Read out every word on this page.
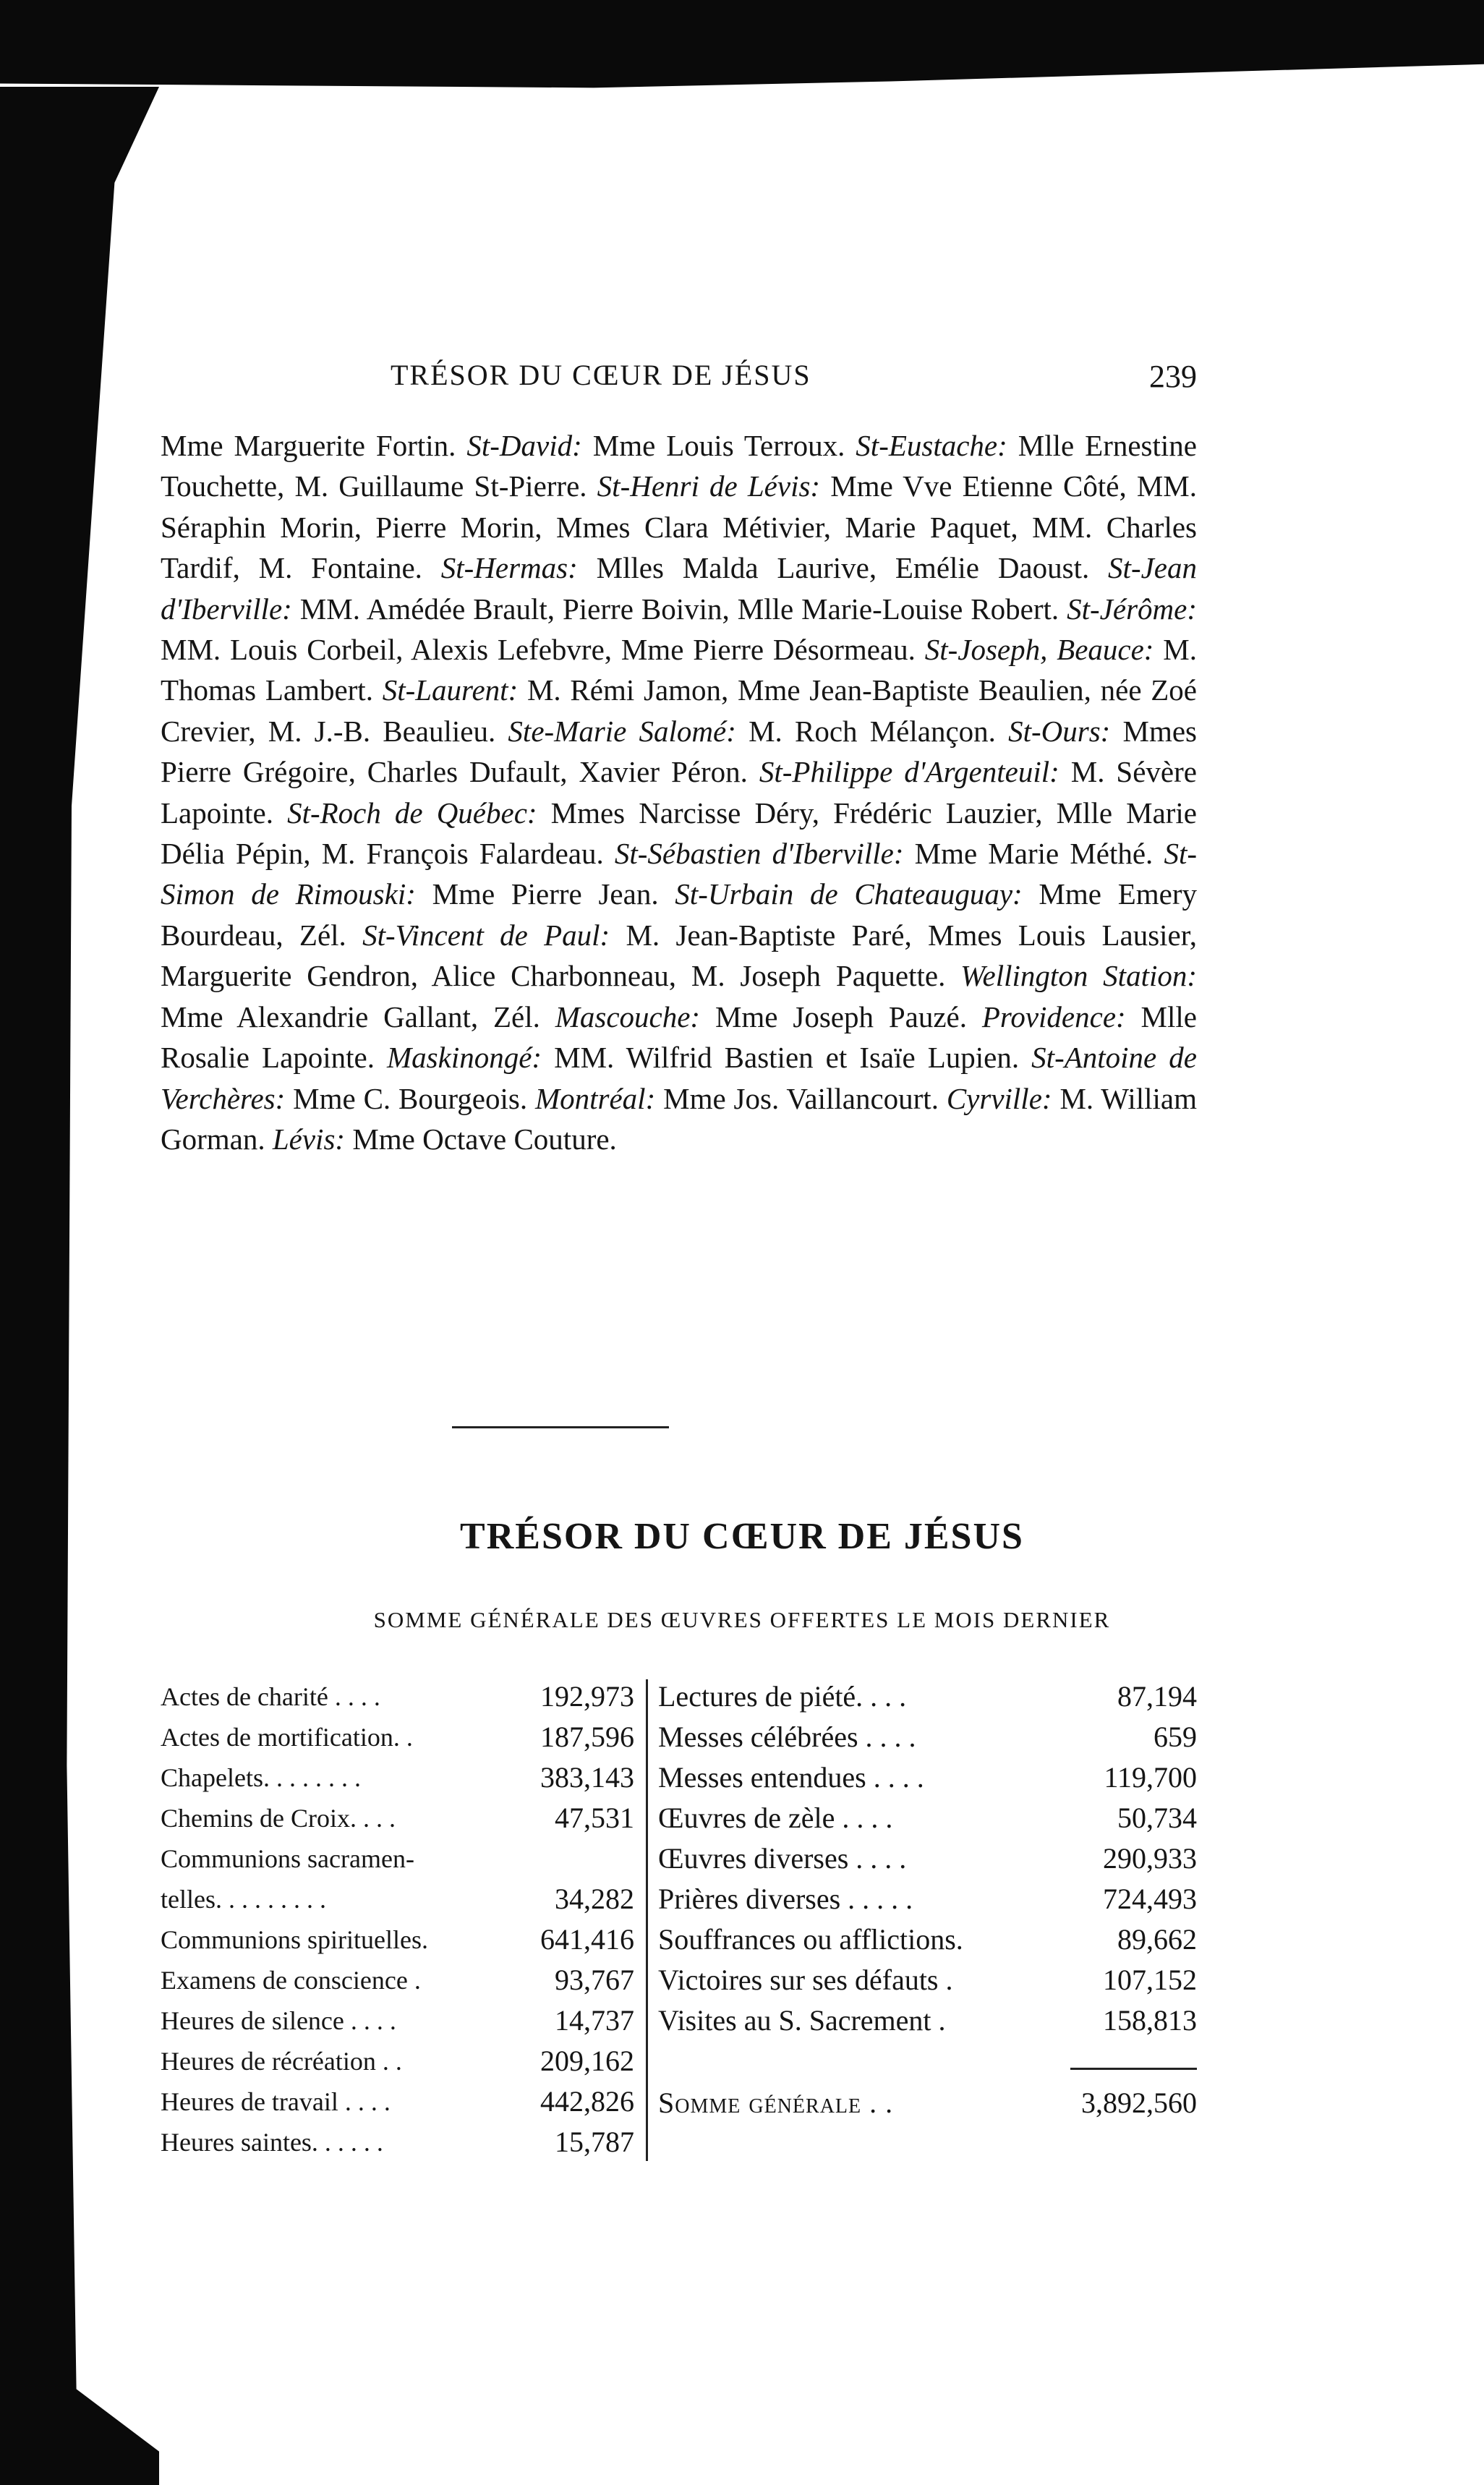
TRÉSOR DU CŒUR DE JÉSUS	239
Mme Marguerite Fortin. St-David: Mme Louis Terroux. St-Eustache: Mlle Ernestine Touchette, M. Guillaume St-Pierre. St-Henri de Lévis: Mme Vve Etienne Côté, MM. Séraphin Morin, Pierre Morin, Mmes Clara Métivier, Marie Paquet, MM. Charles Tardif, M. Fontaine. St-Hermas: Mlles Malda Laurive, Emélie Daoust. St-Jean d'Iberville: MM. Amédée Brault, Pierre Boivin, Mlle Marie-Louise Robert. St-Jérôme: MM. Louis Corbeil, Alexis Lefebvre, Mme Pierre Désormeau. St-Joseph, Beauce: M. Thomas Lambert. St-Laurent: M. Rémi Jamon, Mme Jean-Baptiste Beaulien, née Zoé Crevier, M. J.-B. Beaulieu. Ste-Marie Salomé: M. Roch Mélançon. St-Ours: Mmes Pierre Grégoire, Charles Dufault, Xavier Péron. St-Philippe d'Argenteuil: M. Sévère Lapointe. St-Roch de Québec: Mmes Narcisse Déry, Frédéric Lauzier, Mlle Marie Délia Pépin, M. François Falardeau. St-Sébastien d'Iberville: Mme Marie Méthé. St-Simon de Rimouski: Mme Pierre Jean. St-Urbain de Chateauguay: Mme Emery Bourdeau, Zél. St-Vincent de Paul: M. Jean-Baptiste Paré, Mmes Louis Lausier, Marguerite Gendron, Alice Charbonneau, M. Joseph Paquette. Wellington Station: Mme Alexandrie Gallant, Zél. Mascouche: Mme Joseph Pauzé. Providence: Mlle Rosalie Lapointe. Maskinongé: MM. Wilfrid Bastien et Isaïe Lupien. St-Antoine de Verchères: Mme C. Bourgeois. Montréal: Mme Jos. Vaillancourt. Cyrville: M. William Gorman. Lévis: Mme Octave Couture.
TRÉSOR DU CŒUR DE JÉSUS
SOMME GÉNÉRALE DES ŒUVRES OFFERTES LE MOIS DERNIER
Actes de charité . . . .	192,973
Actes de mortification. .	187,596
Chapelets. . . . . . . .	383,143
Chemins de Croix. . . .	47,531
Communions sacramen-
telles. . . . . . . . .	34,282
Communions spirituelles.	641,416
Examens de conscience .	93,767
Heures de silence . . . .	14,737
Heures de récréation . .	209,162
Heures de travail . . . .	442,826
Heures saintes. . . . . .	15,787
Lectures de piété. . . .	87,194
Messes célébrées . . . .	659
Messes entendues . . . .	119,700
Œuvres de zèle . . . .	50,734
Œuvres diverses . . . .	290,933
Prières diverses . . . . .	724,493
Souffrances ou afflictions.	89,662
Victoires sur ses défauts .	107,152
Visites au S. Sacrement .	158,813
Somme générale . .	3,892,560
